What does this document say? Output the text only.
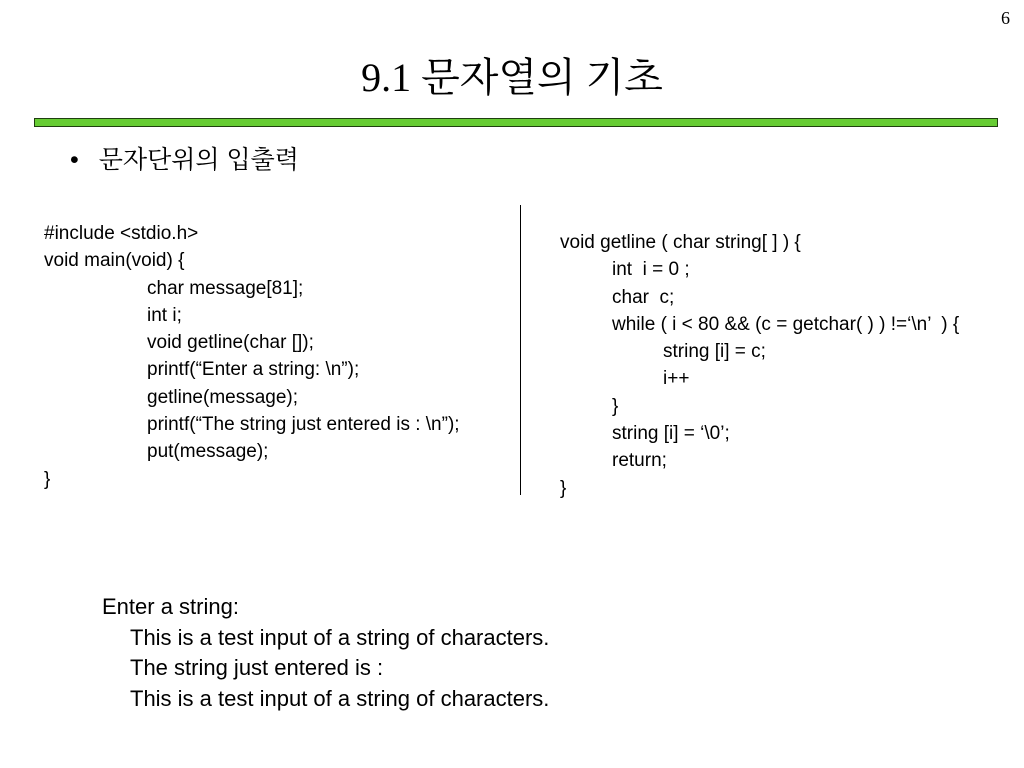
6
9.1 문자열의 기초
• 문자단위의 입출력
#include <stdio.h>
void main(void) {
char message[81];
int i;
void getline(char []);
printf(“Enter a string: \n”);
getline(message);
printf(“The string just entered is : \n”);
put(message);
}
void getline ( char string[ ] ) {
int  i = 0 ;
char  c;
while ( i < 80 && (c = getchar( ) ) !=‘\n’  ) {
string [i] = c;
i++
}
string [i] = ‘\0’;
return;
}
Enter a string:
This is a test input of a string of characters.
The string just entered is :
This is a test input of a string of characters.
